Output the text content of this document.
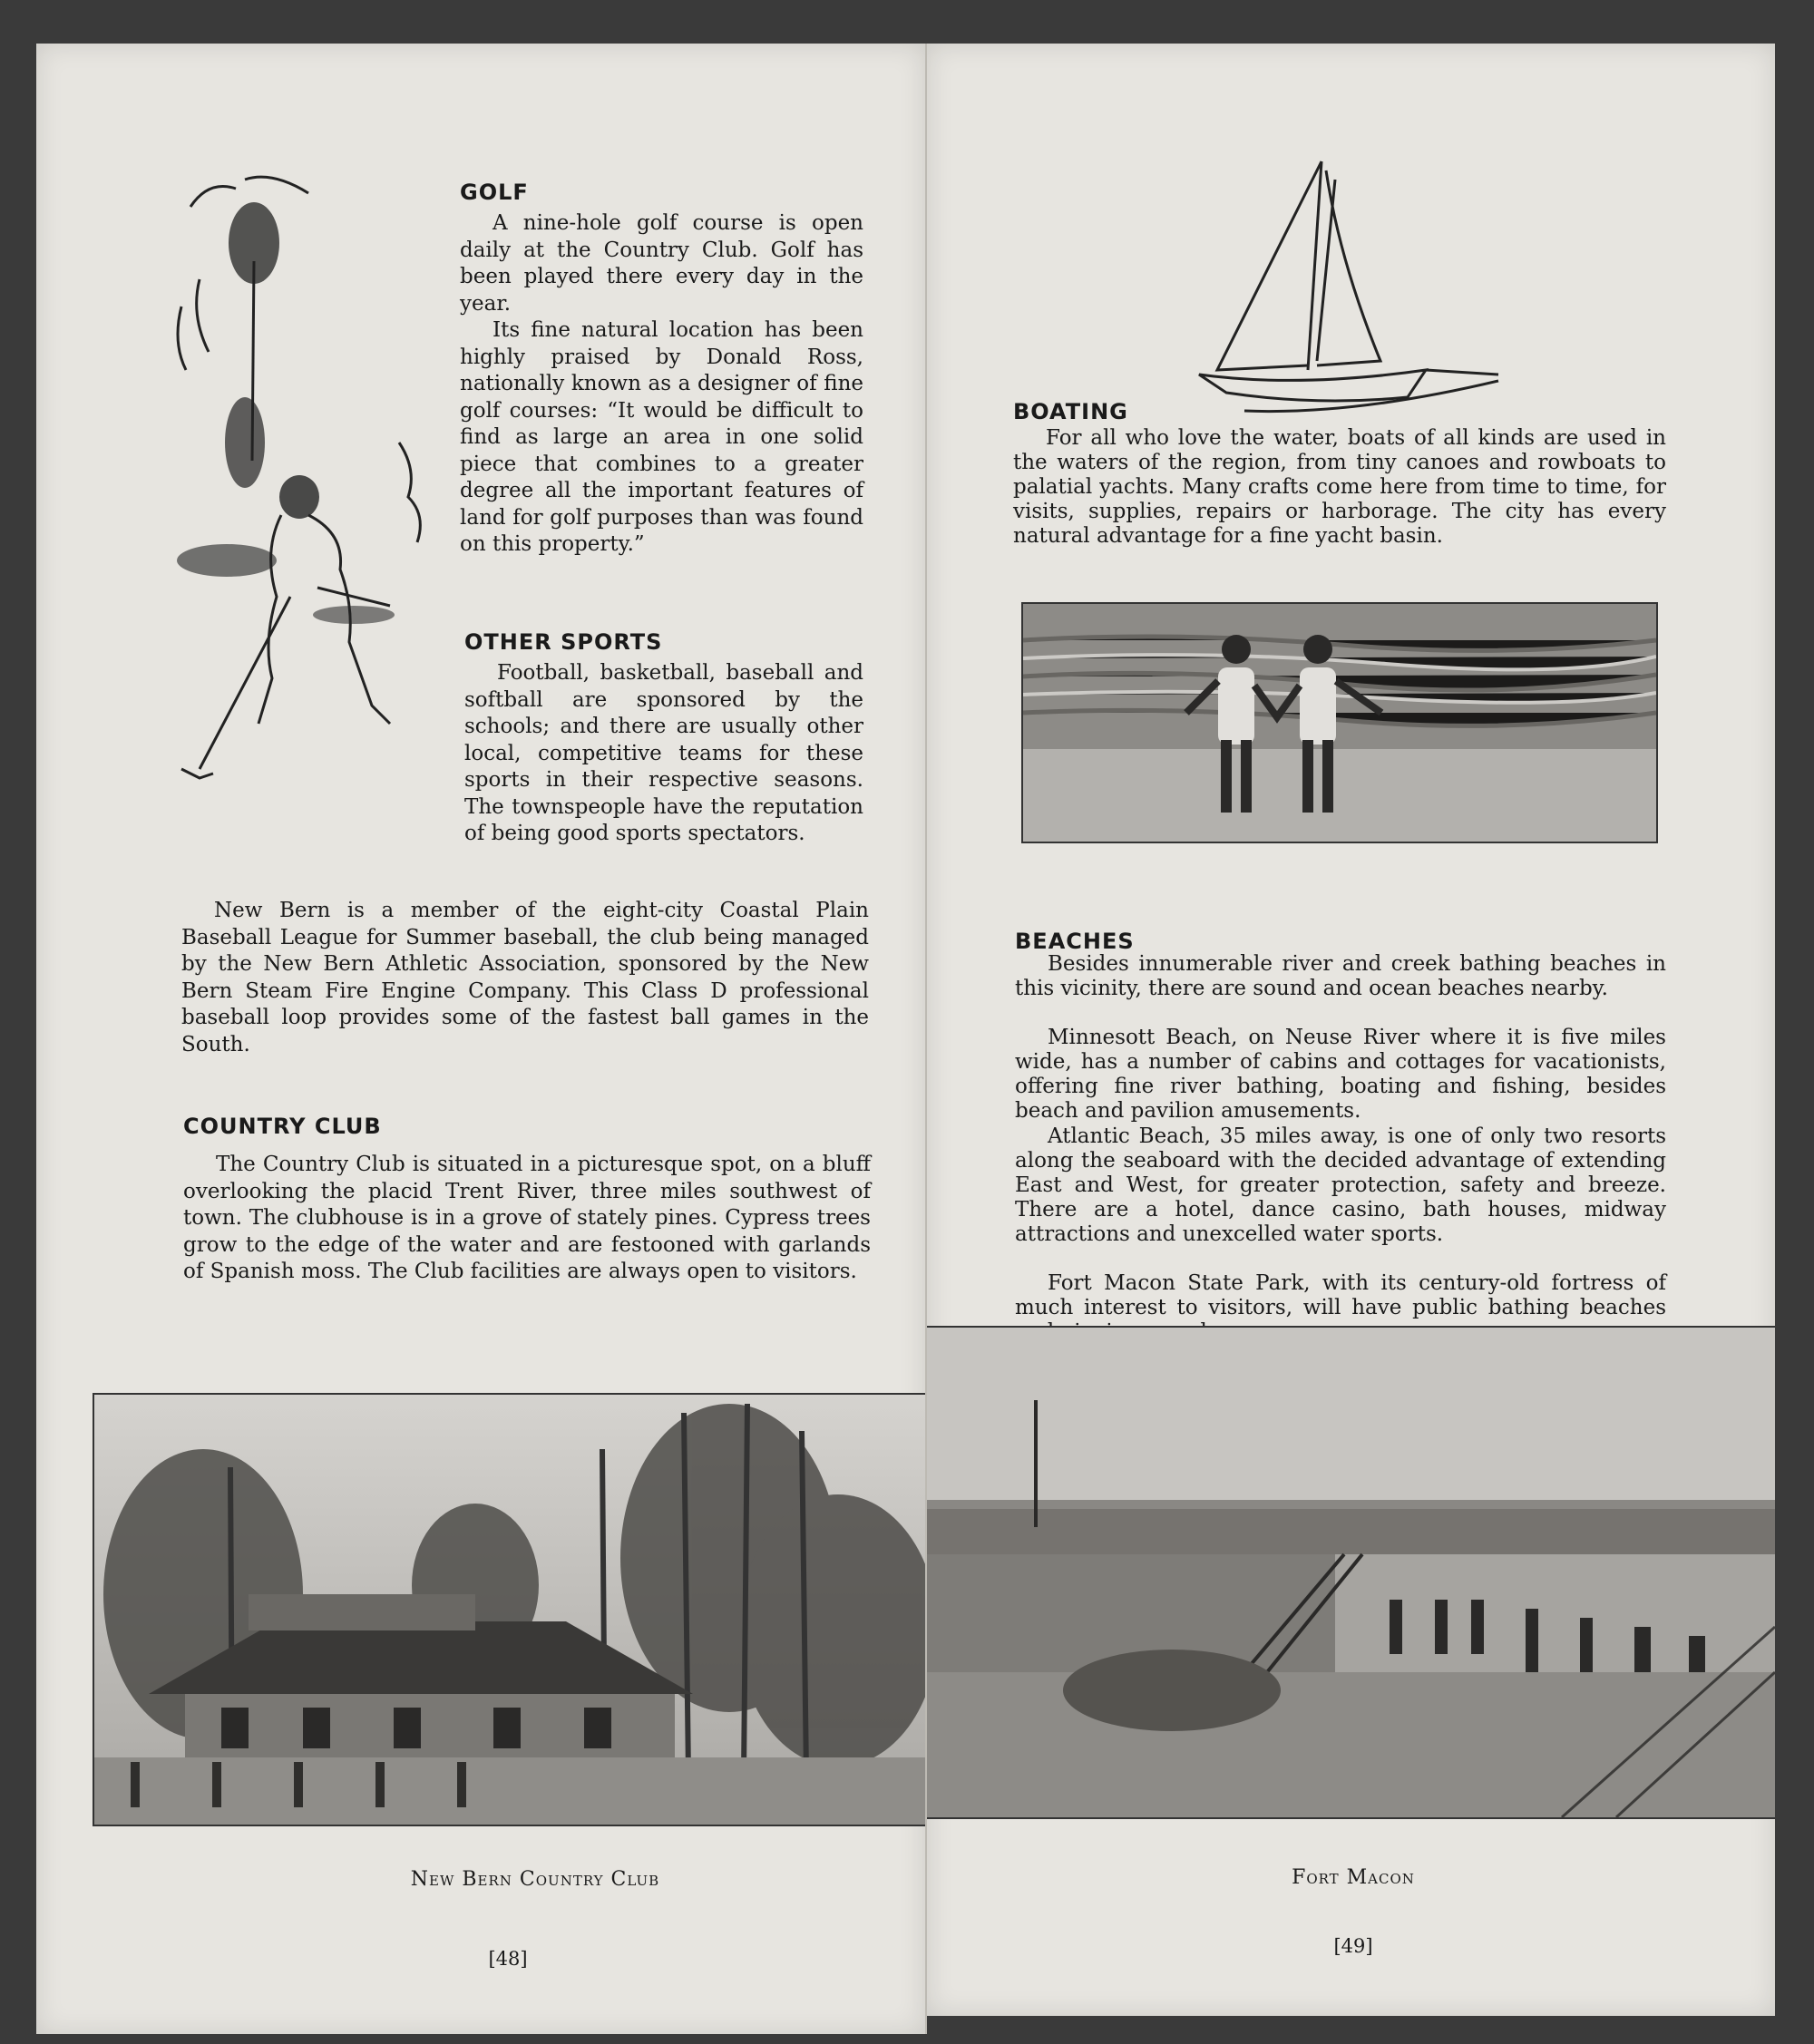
GOLF

A nine-hole golf course is open daily at the Country Club. Golf has been played there every day in the year.

Its fine natural location has been highly praised by Donald Ross, nationally known as a designer of fine golf courses: “It would be difficult to find as large an area in one solid piece that combines to a greater degree all the important features of land for golf purposes than was found on this property.”

OTHER SPORTS

Football, basketball, baseball and softball are sponsored by the schools; and there are usually other local, competitive teams for these sports in their respective seasons. The townspeople have the reputation of being good sports spectators.

New Bern is a member of the eight-city Coastal Plain Baseball League for Summer baseball, the club being managed by the New Bern Athletic Association, sponsored by the New Bern Steam Fire Engine Company. This Class D professional baseball loop provides some of the fastest ball games in the South.

COUNTRY CLUB

The Country Club is situated in a picturesque spot, on a bluff overlooking the placid Trent River, three miles southwest of town. The clubhouse is in a grove of stately pines. Cypress trees grow to the edge of the water and are festooned with garlands of Spanish moss. The Club facilities are always open to visitors.

New Bern Country Club
[48]
BOATING

For all who love the water, boats of all kinds are used in the waters of the region, from tiny canoes and rowboats to palatial yachts. Many crafts come here from time to time, for visits, supplies, repairs or harborage. The city has every natural advantage for a fine yacht basin.

BEACHES

Besides innumerable river and creek bathing beaches in this vicinity, there are sound and ocean beaches nearby.

Minnesott Beach, on Neuse River where it is five miles wide, has a number of cabins and cottages for vacationists, offering fine river bathing, boating and fishing, besides beach and pavilion amusements.

Atlantic Beach, 35 miles away, is one of only two resorts along the seaboard with the decided advantage of extending East and West, for greater protection, safety and breeze. There are a hotel, dance casino, bath houses, midway attractions and unexcelled water sports.

Fort Macon State Park, with its century-old fortress of much interest to visitors, will have public bathing beaches

Fort Macon
[49]
